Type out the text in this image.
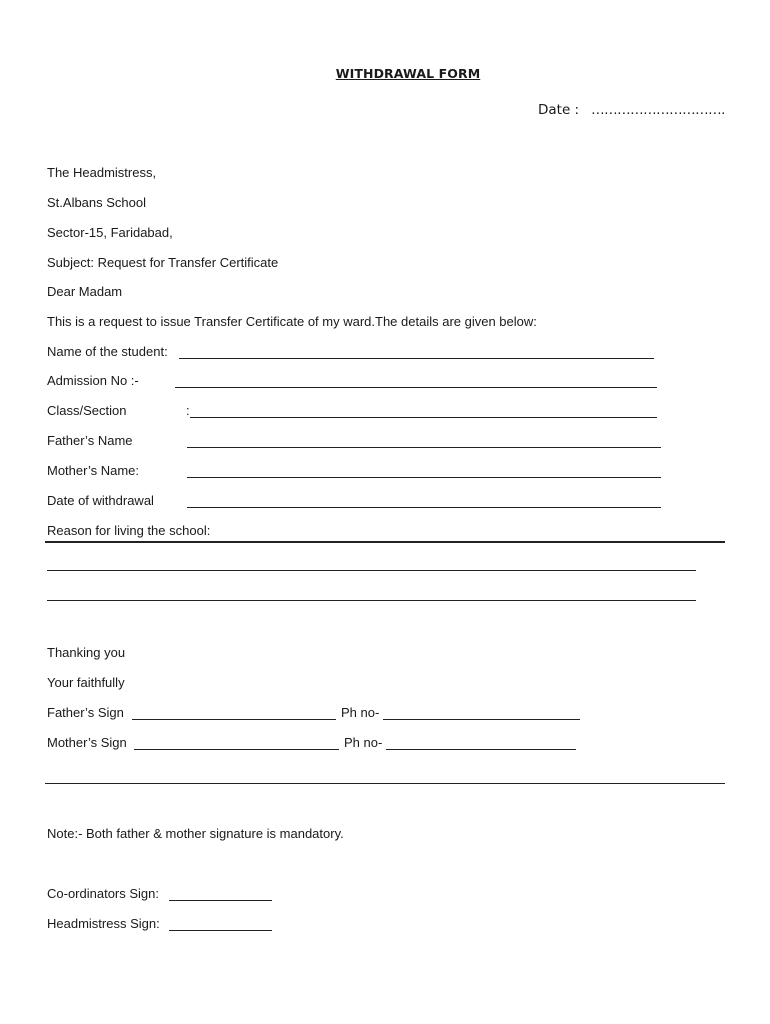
WITHDRAWAL FORM
Date : ………………………….
The Headmistress,
St.Albans School
Sector-15, Faridabad,
Subject: Request for Transfer Certificate
Dear Madam
This is a request to issue Transfer Certificate of my ward.The details are given below:
Name of the student:
Admission No :-
Class/Section	:
Father’s Name
Mother’s Name:
Date of withdrawal
Reason for living the school:
Thanking you
Your faithfully
Father’s Sign	Ph no-
Mother’s Sign	Ph no-
Note:- Both father & mother signature is mandatory.
Co-ordinators Sign:
Headmistress Sign:
